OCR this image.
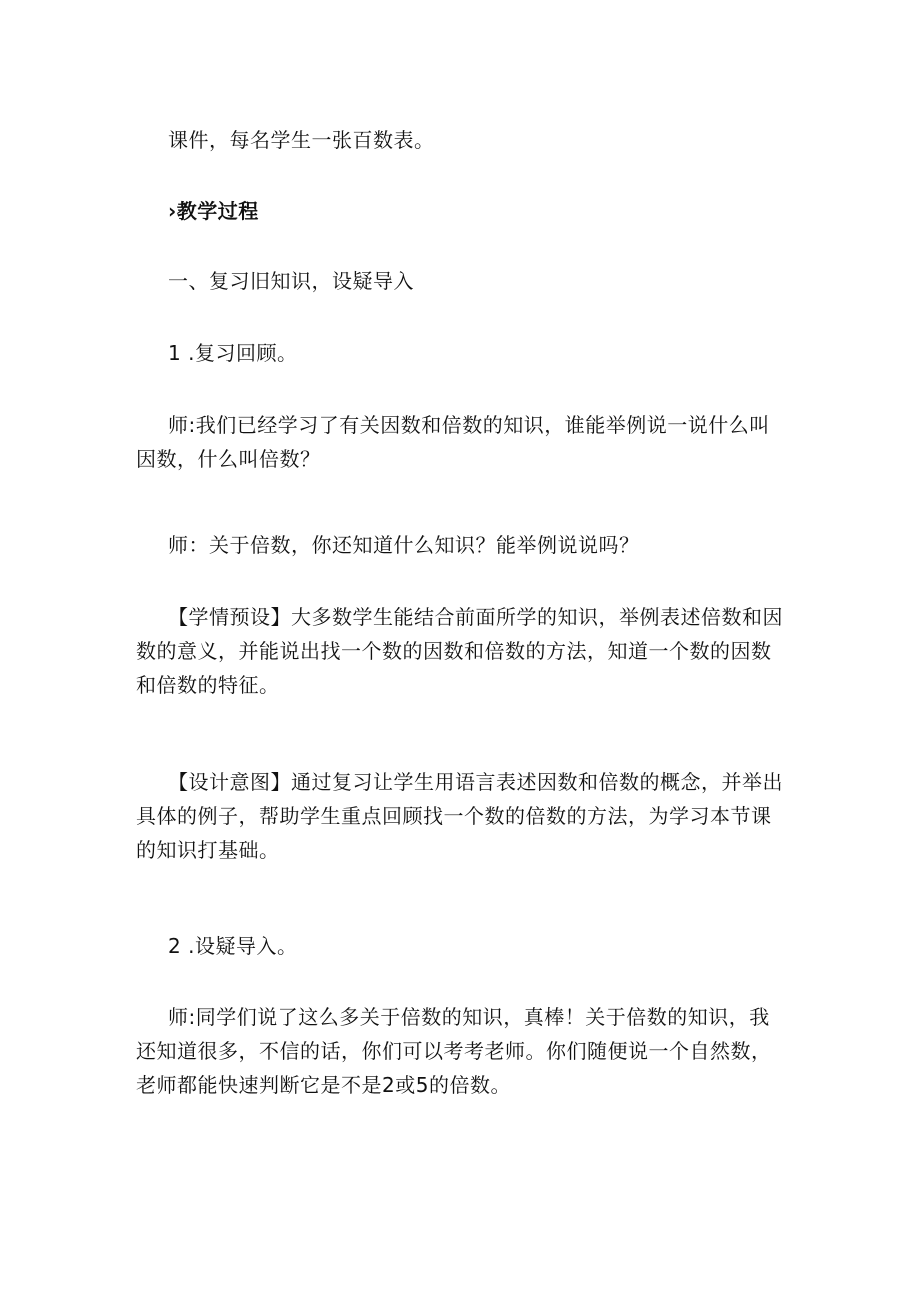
课件，每名学生一张百数表。
›教学过程
一、复习旧知识，设疑导入
1 .复习回顾。
师:我们已经学习了有关因数和倍数的知识，谁能举例说一说什么叫因数，什么叫倍数？
师：关于倍数，你还知道什么知识？能举例说说吗？
【学情预设】大多数学生能结合前面所学的知识，举例表述倍数和因数的意义，并能说出找一个数的因数和倍数的方法，知道一个数的因数和倍数的特征。
【设计意图】通过复习让学生用语言表述因数和倍数的概念，并举出具体的例子，帮助学生重点回顾找一个数的倍数的方法，为学习本节课的知识打基础。
2 .设疑导入。
师:同学们说了这么多关于倍数的知识，真棒！关于倍数的知识，我还知道很多，不信的话，你们可以考考老师。你们随便说一个自然数，老师都能快速判断它是不是2或5的倍数。
